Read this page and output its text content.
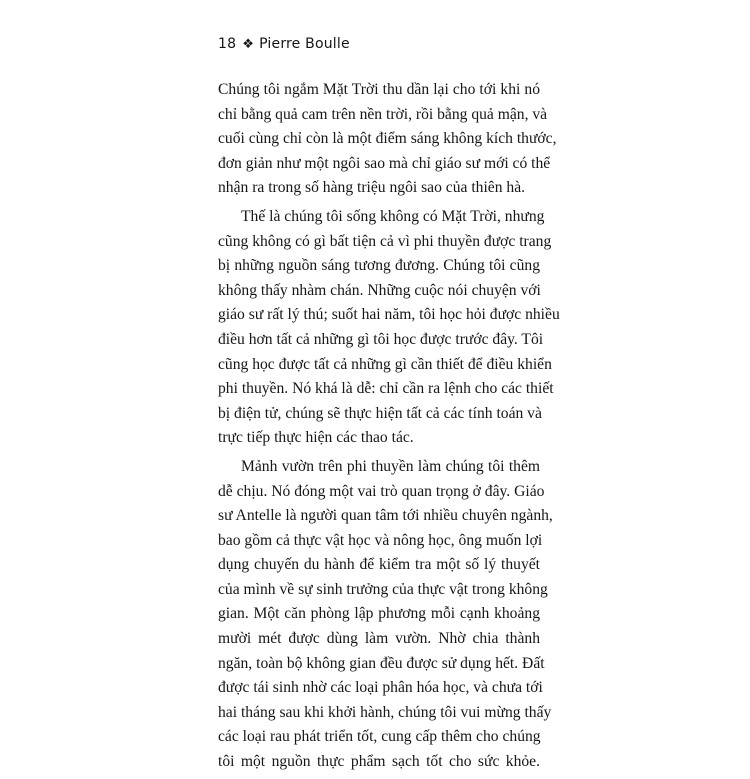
18 ❖ Pierre Boulle
Chúng tôi ngắm Mặt Trời thu dần lại cho tới khi nó
chỉ bằng quả cam trên nền trời, rồi bằng quả mận, và
cuối cùng chỉ còn là một điểm sáng không kích thước,
đơn giản như một ngôi sao mà chỉ giáo sư mới có thể
nhận ra trong số hàng triệu ngôi sao của thiên hà.
Thế là chúng tôi sống không có Mặt Trời, nhưng
cũng không có gì bất tiện cả vì phi thuyền được trang
bị những nguồn sáng tương đương. Chúng tôi cũng
không thấy nhàm chán. Những cuộc nói chuyện với
giáo sư rất lý thú; suốt hai năm, tôi học hỏi được nhiều
điều hơn tất cả những gì tôi học được trước đây. Tôi
cũng học được tất cả những gì cần thiết để điều khiển
phi thuyền. Nó khá là dễ: chỉ cần ra lệnh cho các thiết
bị điện tử, chúng sẽ thực hiện tất cả các tính toán và
trực tiếp thực hiện các thao tác.
Mảnh vườn trên phi thuyền làm chúng tôi thêm
dễ chịu. Nó đóng một vai trò quan trọng ở đây. Giáo
sư Antelle là người quan tâm tới nhiều chuyên ngành,
bao gồm cả thực vật học và nông học, ông muốn lợi
dụng chuyến du hành để kiểm tra một số lý thuyết
của mình về sự sinh trưởng của thực vật trong không
gian. Một căn phòng lập phương mỗi cạnh khoảng
mười mét được dùng làm vườn. Nhờ chia thành
ngăn, toàn bộ không gian đều được sử dụng hết. Đất
được tái sinh nhờ các loại phân hóa học, và chưa tới
hai tháng sau khi khởi hành, chúng tôi vui mừng thấy
các loại rau phát triển tốt, cung cấp thêm cho chúng
tôi một nguồn thực phẩm sạch tốt cho sức khỏe.
